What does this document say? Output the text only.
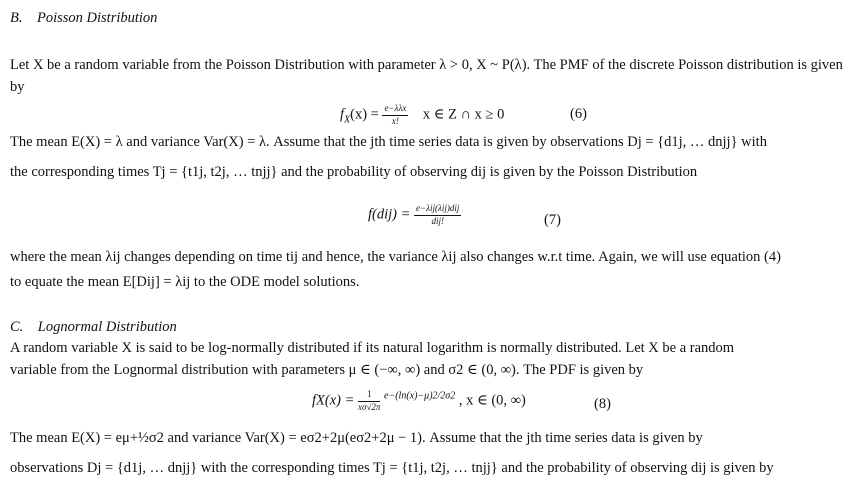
B. Poisson Distribution
Let X be a random variable from the Poisson Distribution with parameter λ > 0, X ~ P(λ). The PMF of the discrete Poisson distribution is given by
$f_X(x) = \frac{\text{e−λλx}}{x!}$ x ∈ Z ∩ x ≥ 0	(6)
The mean E(X) = λ and variance Var(X) = λ. Assume that the jth time series data is given by observations Dj = {d1j, … dnjj} with
the corresponding times Tj = {t1j, t2j, … tnjj} and the probability of observing dij is given by the Poisson Distribution
$f(dij) = \frac{\text{e−λij(λij)dij}}{\text{dij!}}$	(7)
where the mean λij changes depending on time tij and hence, the variance λij also changes w.r.t time. Again, we will use equation (4)
to equate the mean E[Dij] = λij to the ODE model solutions.
C. Lognormal Distribution
A random variable X is said to be log-normally distributed if its natural logarithm is normally distributed. Let X be a random
variable from the Lognormal distribution with parameters μ ∈ (−∞, ∞) and σ2 ∈ (0, ∞). The PDF is given by
$fX(x) = \frac{1}{x\sigma√2\pi} ^{e-(ln(x)-\mu)2/2\sigma 2}$ , x ∈ (0, ∞)	(8)
The mean E(X) = eμ+½σ2 and variance Var(X) = eσ2+2μ(eσ2+2μ − 1). Assume that the jth time series data is given by
observations Dj = {d1j, … dnjj} with the corresponding times Tj = {t1j, t2j, … tnjj} and the probability of observing dij is given by
